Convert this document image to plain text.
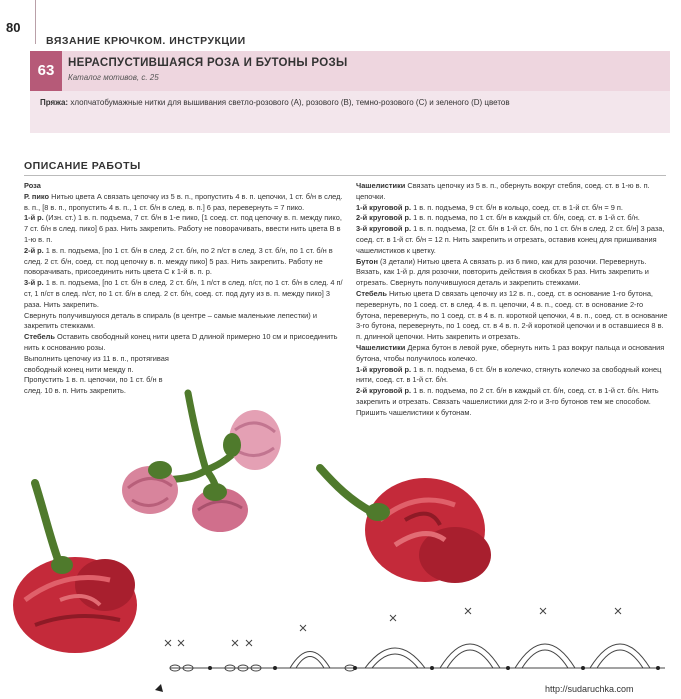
80
ВЯЗАНИЕ КРЮЧКОМ. ИНСТРУКЦИИ
63	НЕРАСПУСТИВШАЯСЯ РОЗА И БУТОНЫ РОЗЫ
Каталог мотивов, с. 25
Пряжа: хлопчатобумажные нитки для вышивания светло-розового (А), розового (В), темно-розового (С) и зеленого (D) цветов
ОПИСАНИЕ РАБОТЫ

Роза

Р. пико Нитью цвета А связать цепочку из 5 в. п., пропустить 4 в. п. цепочки, 1 ст. б/н в след. в. п., [8 в. п., пропустить 4 в. п., 1 ст. б/н в след. в. п.] 6 раз, перевернуть = 7 пико.

1-й р. (Изн. ст.) 1 в. п. подъема, 7 ст. б/н в 1-е пико, [1 соед. ст. под цепочку в. п. между пико, 7 ст. б/н в след. пико] 6 раз. Нить закрепить. Работу не поворачивать, ввести нить цвета В в 1-ю в. п.

2-й р. 1 в. п. подъема, [по 1 ст. б/н в след. 2 ст. б/н, по 2 п/ст в след. 3 ст. б/н, по 1 ст. б/н в след. 2 ст. б/н, соед. ст. под цепочку в. п. между пико] 5 раз. Нить закрепить. Работу не поворачивать, присоединить нить цвета С к 1-й в. п. р.

3-й р. 1 в. п. подъема, [по 1 ст. б/н в след. 2 ст. б/н, 1 п/ст в след. п/ст, по 1 ст. б/н в след. 4 п/ст, 1 п/ст в след. п/ст, по 1 ст. б/н в след. 2 ст. б/н, соед. ст. под дугу из в. п. между пико] 3 раза. Нить закрепить.

Свернуть получившуюся деталь в спираль (в центре – самые маленькие лепестки) и закрепить стежками.

Стебель Оставить свободный конец нити цвета D длиной примерно 10 см и присоединить нить к основанию розы.

Выполнить цепочку из 11 в. п., протягивая свободный конец нити между п.

Пропустить 1 в. п. цепочки, по 1 ст. б/н в след. 10 в. п. Нить закрепить.

Чашелистики Связать цепочку из 5 в. п., обернуть вокруг стебля, соед. ст. в 1-ю в. п. цепочки.

1-й круговой р. 1 в. п. подъема, 9 ст. б/н в кольцо, соед. ст. в 1-й ст. б/н = 9 п.

2-й круговой р. 1 в. п. подъема, по 1 ст. б/н в каждый ст. б/н, соед. ст. в 1-й ст. б/н.

3-й круговой р. 1 в. п. подъема, [2 ст. б/н в 1-й ст. б/н, по 1 ст. б/н в след. 2 ст. б/н] 3 раза, соед. ст. в 1-й ст. б/н = 12 п. Нить закрепить и отрезать, оставив конец для пришивания чашелистиков к цветку.

Бутон (3 детали) Нитью цвета А связать р. из 6 пико, как для розочки. Перевернуть. Вязать, как 1-й р. для розочки, повторить действия в скобках 5 раз. Нить закрепить и отрезать. Свернуть получившуюся деталь и закрепить стежками.

Стебель Нитью цвета D связать цепочку из 12 в. п., соед. ст. в основание 1-го бутона, перевернуть, по 1 соед. ст. в след. 4 в. п. цепочки, 4 в. п., соед. ст. в основание 2-го бутона, перевернуть, по 1 соед. ст. в 4 в. п. короткой цепочки, 4 в. п., соед. ст. в основание 3-го бутона, перевернуть, по 1 соед. ст. в 4 в. п. 2-й короткой цепочки и в оставшиеся 8 в. п. длинной цепочки. Нить закрепить и отрезать.

Чашелистики Держа бутон в левой руке, обернуть нить 1 раз вокруг пальца и основания бутона, чтобы получилось колечко.

1-й круговой р. 1 в. п. подъема, 6 ст. б/н в колечко, стянуть колечко за свободный конец нити, соед. ст. в 1-й ст. б/н.

2-й круговой р. 1 в. п. подъема, по 2 ст. б/н в каждый ст. б/н, соед. ст. в 1-й ст. б/н. Нить закрепить и отрезать. Связать чашелистики для 2-го и 3-го бутонов тем же способом. Пришить чашелистики к бутонам.

http://sudaruchka.com
